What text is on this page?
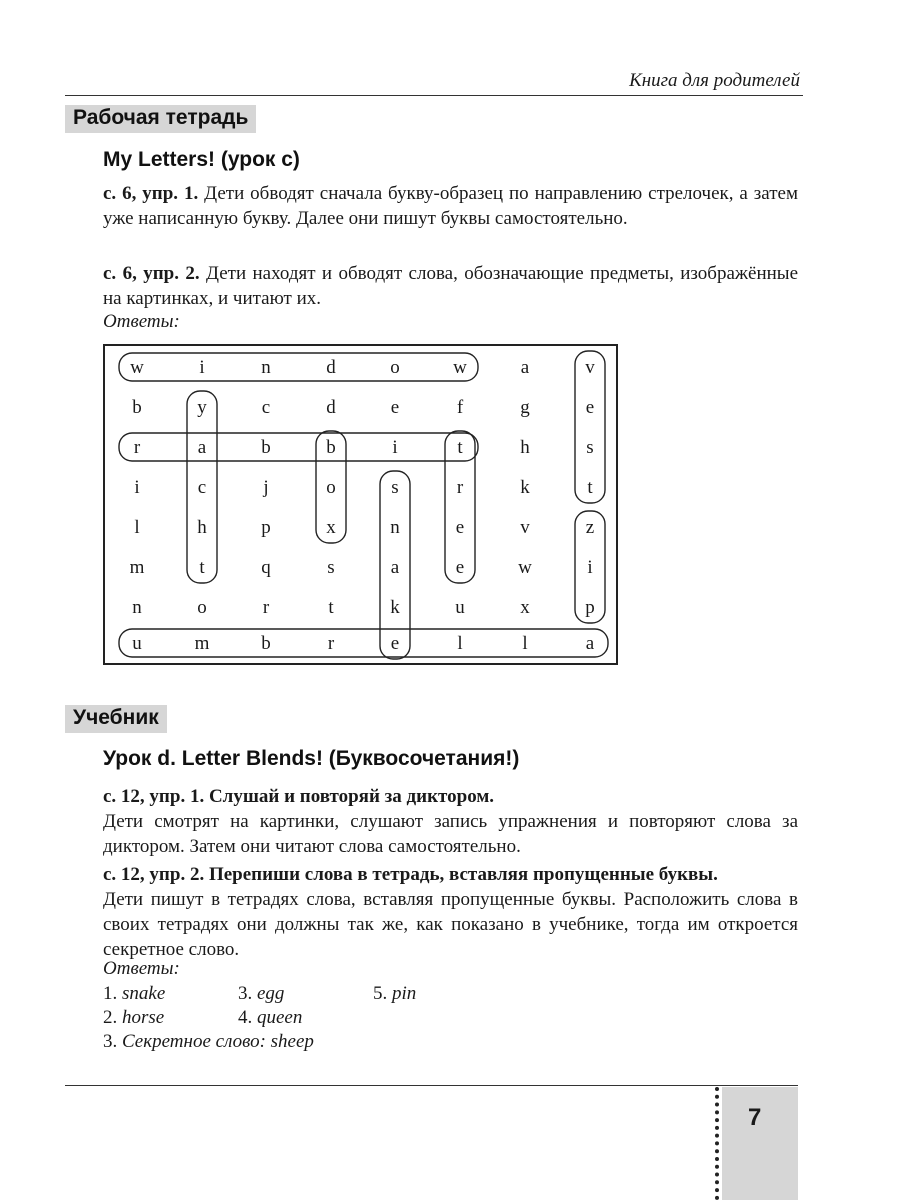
Книга для родителей
Рабочая тетрадь
My Letters! (урок c)
с. 6, упр. 1. Дети обводят сначала букву-образец по направлению стрелочек, а затем уже написанную букву. Далее они пишут буквы самостоятельно.
с. 6, упр. 2. Дети находят и обводят слова, обозначающие предметы, изображённые на картинках, и читают их.
Ответы:
w	i	n	d	o	w	a	v
b	y	c	d	e	f	g	e
r	a	b	b	i	t	h	s
i	c	j	o	s	r	k	t
l	h	p	x	n	e	v	z
m	t	q	s	a	e	w	i
n	o	r	t	k	u	x	p
u	m	b	r	e	l	l	a
Учебник
Урок d. Letter Blends! (Буквосочетания!)
с. 12, упр. 1. Слушай и повторяй за диктором.
Дети смотрят на картинки, слушают запись упражнения и повторяют слова за диктором. Затем они читают слова самостоятельно.
с. 12, упр. 2. Перепиши слова в тетрадь, вставляя пропущенные буквы.
Дети пишут в тетрадях слова, вставляя пропущенные буквы. Расположить слова в своих тетрадях они должны так же, как показано в учебнике, тогда им откроется секретное слово.
Ответы:
1. snake	3. egg	5. pin
2. horse	4. queen
3. Секретное слово: sheep
7
